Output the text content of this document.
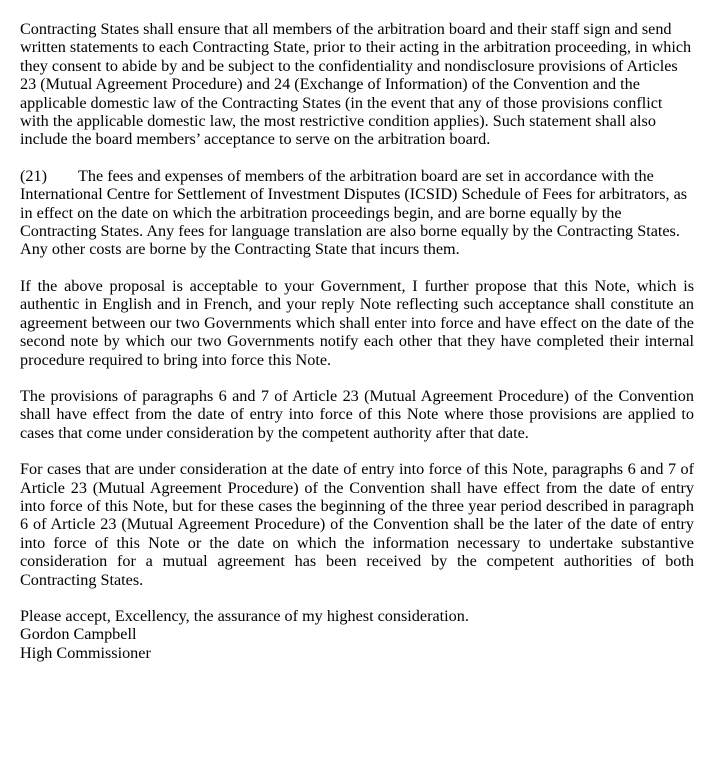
Contracting States shall ensure that all members of the arbitration board and their staff sign and send written statements to each Contracting State, prior to their acting in the arbitration proceeding, in which they consent to abide by and be subject to the confidentiality and nondisclosure provisions of Articles 23 (Mutual Agreement Procedure) and 24 (Exchange of Information) of the Convention and the applicable domestic law of the Contracting States (in the event that any of those provisions conflict with the applicable domestic law, the most restrictive condition applies). Such statement shall also include the board members’ acceptance to serve on the arbitration board.

(21) The fees and expenses of members of the arbitration board are set in accordance with the International Centre for Settlement of Investment Disputes (ICSID) Schedule of Fees for arbitrators, as in effect on the date on which the arbitration proceedings begin, and are borne equally by the Contracting States. Any fees for language translation are also borne equally by the Contracting States. Any other costs are borne by the Contracting State that incurs them.

If the above proposal is acceptable to your Government, I further propose that this Note, which is authentic in English and in French, and your reply Note reflecting such acceptance shall constitute an agreement between our two Governments which shall enter into force and have effect on the date of the second note by which our two Governments notify each other that they have completed their internal procedure required to bring into force this Note.

The provisions of paragraphs 6 and 7 of Article 23 (Mutual Agreement Procedure) of the Convention shall have effect from the date of entry into force of this Note where those provisions are applied to cases that come under consideration by the competent authority after that date.

For cases that are under consideration at the date of entry into force of this Note, paragraphs 6 and 7 of Article 23 (Mutual Agreement Procedure) of the Convention shall have effect from the date of entry into force of this Note, but for these cases the beginning of the three year period described in paragraph 6 of Article 23 (Mutual Agreement Procedure) of the Convention shall be the later of the date of entry into force of this Note or the date on which the information necessary to undertake substantive consideration for a mutual agreement has been received by the competent authorities of both Contracting States.

Please accept, Excellency, the assurance of my highest consideration.
Gordon Campbell
High Commissioner
